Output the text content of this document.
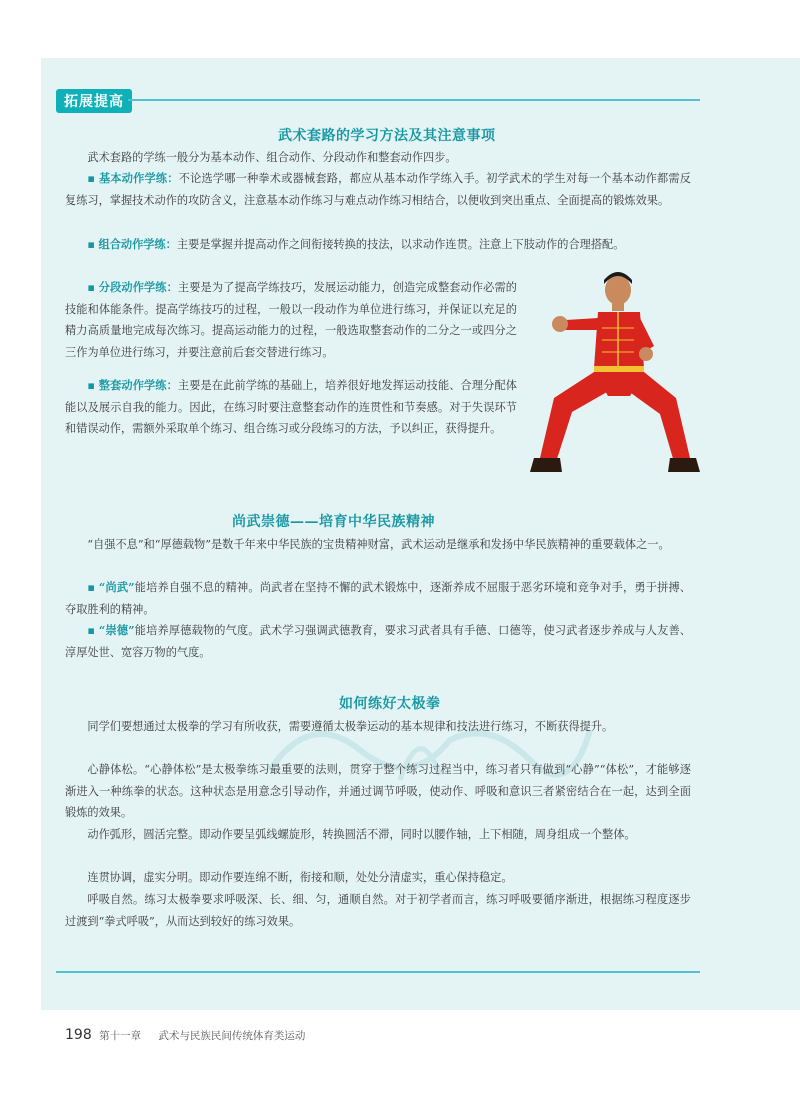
拓展提高
武术套路的学习方法及其注意事项

武术套路的学练一般分为基本动作、组合动作、分段动作和整套动作四步。

▪ 基本动作学练：不论选学哪一种拳术或器械套路，都应从基本动作学练入手。初学武术的学生对每一个基本动作都需反复练习，掌握技术动作的攻防含义，注意基本动作练习与难点动作练习相结合，以便收到突出重点、全面提高的锻炼效果。

▪ 组合动作学练：主要是掌握并提高动作之间衔接转换的技法，以求动作连贯。注意上下肢动作的合理搭配。

▪ 分段动作学练：主要是为了提高学练技巧，发展运动能力，创造完成整套动作必需的技能和体能条件。提高学练技巧的过程，一般以一段动作为单位进行练习，并保证以充足的精力高质量地完成每次练习。提高运动能力的过程，一般选取整套动作的二分之一或四分之三作为单位进行练习，并要注意前后套交替进行练习。

▪ 整套动作学练：主要是在此前学练的基础上，培养很好地发挥运动技能、合理分配体能以及展示自我的能力。因此，在练习时要注意整套动作的连贯性和节奏感。对于失误环节和错误动作，需额外采取单个练习、组合练习或分段练习的方法，予以纠正，获得提升。

尚武崇德——培育中华民族精神

“自强不息”和“厚德载物”是数千年来中华民族的宝贵精神财富，武术运动是继承和发扬中华民族精神的重要载体之一。

▪ “尚武”能培养自强不息的精神。尚武者在坚持不懈的武术锻炼中，逐渐养成不屈服于恶劣环境和竞争对手，勇于拼搏、夺取胜利的精神。

▪ “崇德”能培养厚德载物的气度。武术学习强调武德教育，要求习武者具有手德、口德等，使习武者逐步养成与人友善、淳厚处世、宽容万物的气度。

如何练好太极拳

同学们要想通过太极拳的学习有所收获，需要遵循太极拳运动的基本规律和技法进行练习，不断获得提升。

心静体松。“心静体松”是太极拳练习最重要的法则，贯穿于整个练习过程当中，练习者只有做到“心静”“体松”，才能够逐渐进入一种练拳的状态。这种状态是用意念引导动作，并通过调节呼吸，使动作、呼吸和意识三者紧密结合在一起，达到全面锻炼的效果。

动作弧形，圆活完整。即动作要呈弧线螺旋形，转换圆活不滞，同时以腰作轴，上下相随，周身组成一个整体。

连贯协调，虚实分明。即动作要连绵不断，衔接和顺，处处分清虚实，重心保持稳定。

呼吸自然。练习太极拳要求呼吸深、长、细、匀，通顺自然。对于初学者而言，练习呼吸要循序渐进，根据练习程度逐步过渡到“拳式呼吸”，从而达到较好的练习效果。

198 第十一章 武术与民族民间传统体育类运动
